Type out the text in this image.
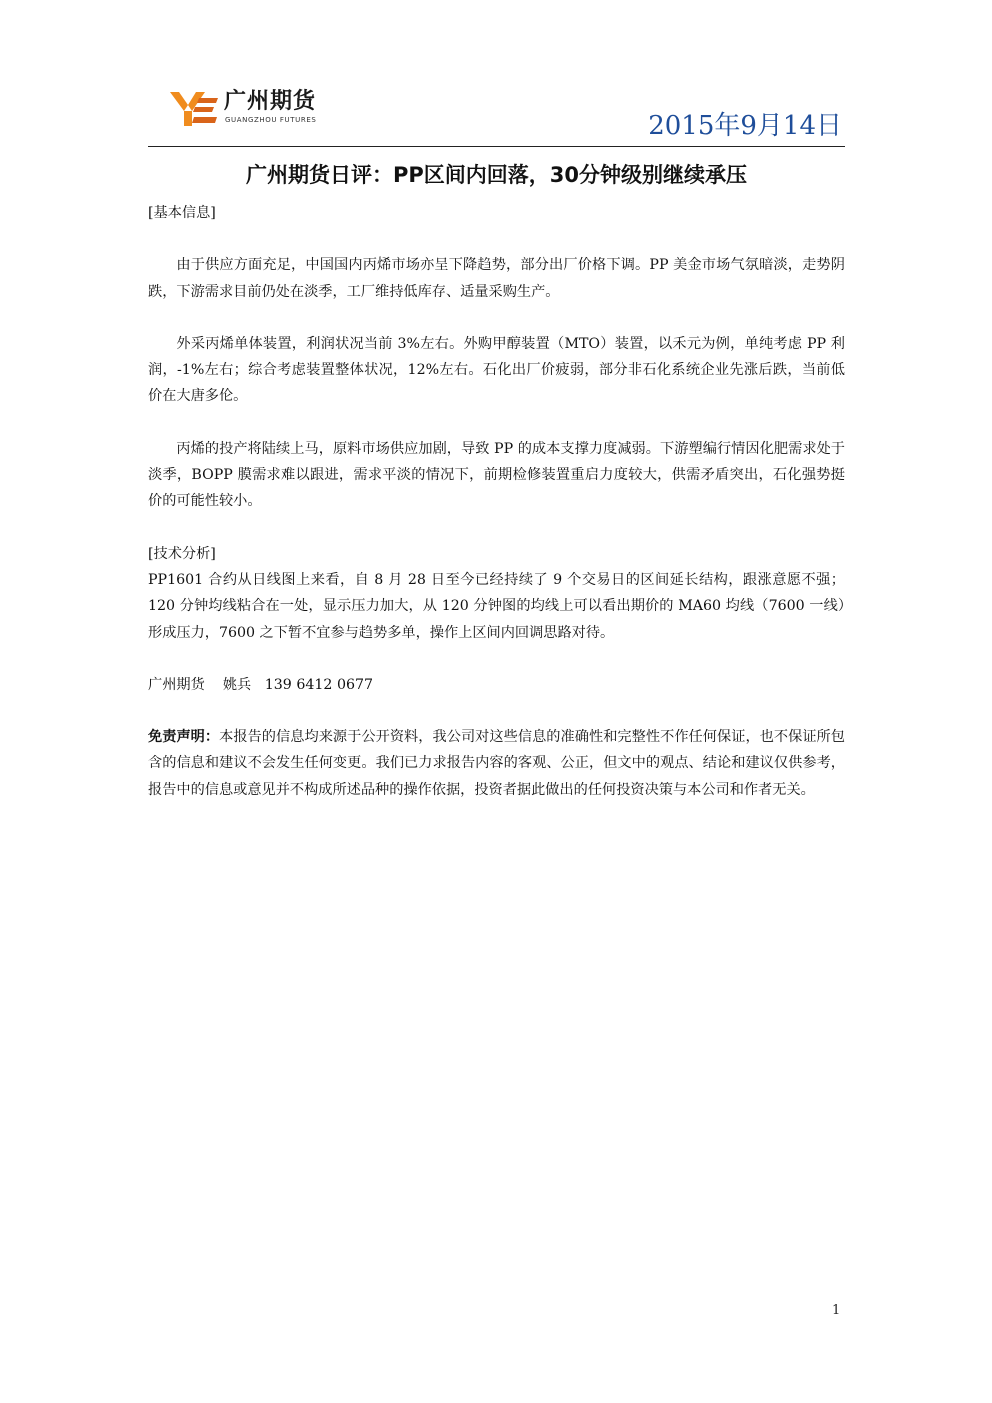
广州期货
GUANGZHOU FUTURES	2015年9月14日
广州期货日评：PP区间内回落，30分钟级别继续承压

[基本信息]

由于供应方面充足，中国国内丙烯市场亦呈下降趋势，部分出厂价格下调。PP 美金市场气氛暗淡，走势阴跌，下游需求目前仍处在淡季，工厂维持低库存、适量采购生产。

外采丙烯单体装置，利润状况当前 3%左右。外购甲醇装置（MTO）装置，以禾元为例，单纯考虑 PP 利润，-1%左右；综合考虑装置整体状况，12%左右。石化出厂价疲弱，部分非石化系统企业先涨后跌，当前低价在大唐多伦。

丙烯的投产将陆续上马，原料市场供应加剧，导致 PP 的成本支撑力度减弱。下游塑编行情因化肥需求处于淡季，BOPP 膜需求难以跟进，需求平淡的情况下，前期检修装置重启力度较大，供需矛盾突出，石化强势挺价的可能性较小。

[技术分析]

PP1601 合约从日线图上来看，自 8 月 28 日至今已经持续了 9 个交易日的区间延长结构，跟涨意愿不强；120 分钟均线粘合在一处，显示压力加大，从 120 分钟图的均线上可以看出期价的 MA60 均线（7600 一线）形成压力，7600 之下暂不宜参与趋势多单，操作上区间内回调思路对待。

广州期货 姚兵 139 6412 0677

免责声明：本报告的信息均来源于公开资料，我公司对这些信息的准确性和完整性不作任何保证，也不保证所包含的信息和建议不会发生任何变更。我们已力求报告内容的客观、公正，但文中的观点、结论和建议仅供参考，报告中的信息或意见并不构成所述品种的操作依据，投资者据此做出的任何投资决策与本公司和作者无关。

1
